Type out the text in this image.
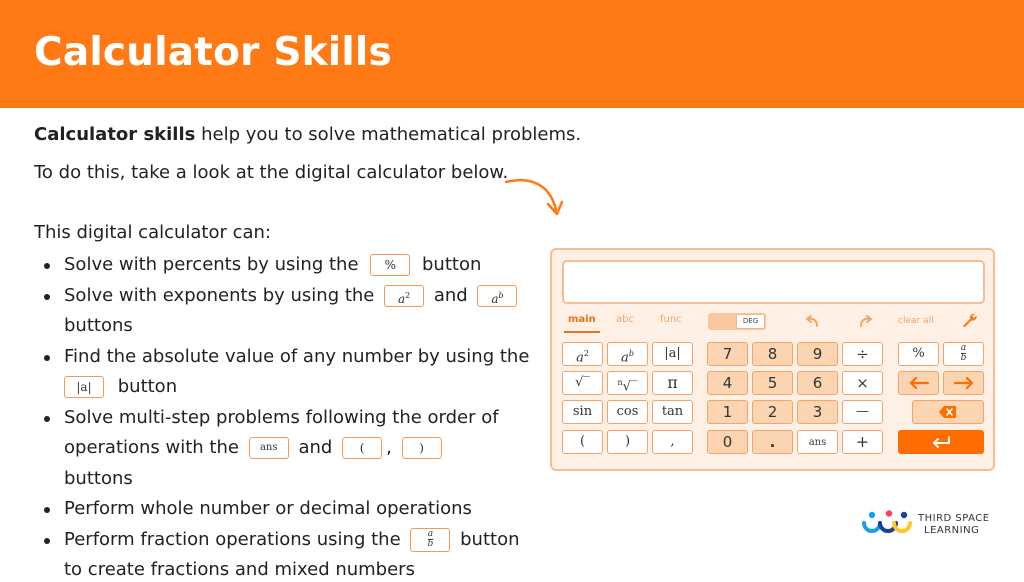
Calculator Skills
Calculator skills help you to solve mathematical problems.
To do this, take a look at the digital calculator below.
This digital calculator can:
Solve with percents by using the % button
Solve with exponents by using the $a^2$ and $a^b$
buttons
Find the absolute value of any number by using the
|a| button
Solve multi-step problems following the order of operations with the ans and ( , ) buttons
Perform whole number or decimal operations
Perform fraction operations using the	$\frac{a}{b}$ button to create fractions and mixed numbers
main abc	func	DEG	clear all
$a^2$	$a^b$	|a|
√‾	$^n$√‾	π
sin	cos	tan
(	)	,
7	8	9	÷
4	5	6	×
1	2	3	—
0	.	ans	+
%	$\frac{a}{b}$
THIRD SPACE
LEARNING
